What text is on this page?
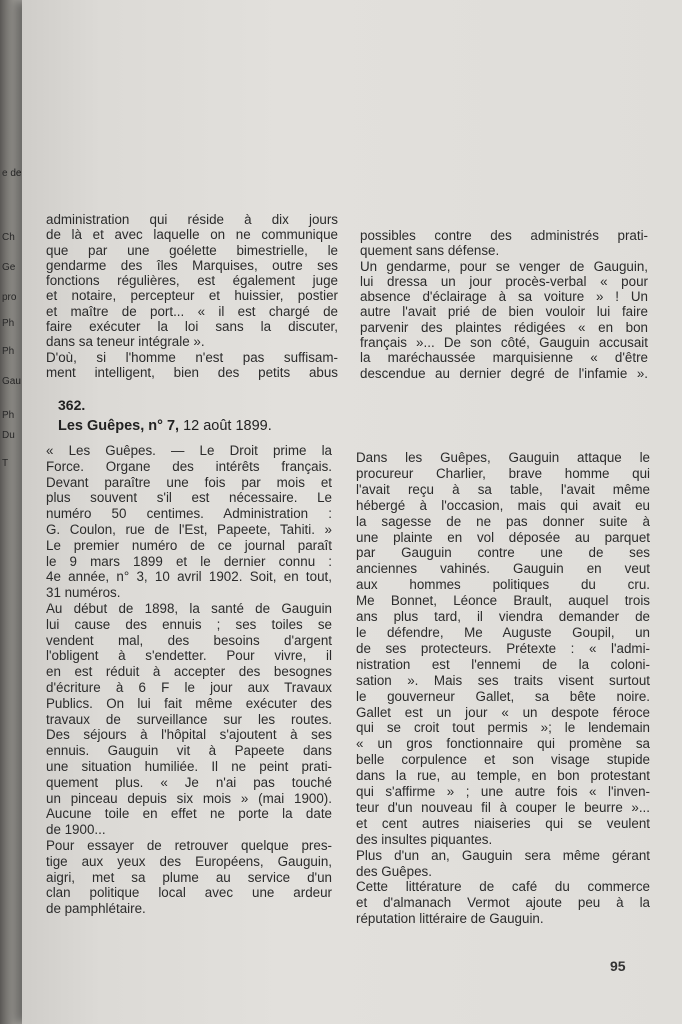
e de
Ch
Ge
pro
Ph
Ph
Gau
Ph
Du
T
administration qui réside à dix jours
de là et avec laquelle on ne communique
que par une goélette bimestrielle, le
gendarme des îles Marquises, outre ses
fonctions régulières, est également juge
et notaire, percepteur et huissier, postier
et maître de port... « il est chargé de
faire exécuter la loi sans la discuter,
dans sa teneur intégrale ».
D'où, si l'homme n'est pas suffisam-
ment intelligent, bien des petits abus
possibles contre des administrés prati-
quement sans défense.
Un gendarme, pour se venger de Gauguin,
lui dressa un jour procès-verbal « pour
absence d'éclairage à sa voiture » ! Un
autre l'avait prié de bien vouloir lui faire
parvenir des plaintes rédigées « en bon
français »... De son côté, Gauguin accusait
la maréchaussée marquisienne « d'être
descendue au dernier degré de l'infamie ».
362.
Les Guêpes, n° 7, 12 août 1899.
« Les Guêpes. — Le Droit prime la
Force. Organe des intérêts français.
Devant paraître une fois par mois et
plus souvent s'il est nécessaire. Le
numéro 50 centimes. Administration :
G. Coulon, rue de l'Est, Papeete, Tahiti. »
Le premier numéro de ce journal paraît
le 9 mars 1899 et le dernier connu :
4e année, n° 3, 10 avril 1902. Soit, en tout,
31 numéros.
Au début de 1898, la santé de Gauguin
lui cause des ennuis ; ses toiles se
vendent mal, des besoins d'argent
l'obligent à s'endetter. Pour vivre, il
en est réduit à accepter des besognes
d'écriture à 6 F le jour aux Travaux
Publics. On lui fait même exécuter des
travaux de surveillance sur les routes.
Des séjours à l'hôpital s'ajoutent à ses
ennuis. Gauguin vit à Papeete dans
une situation humiliée. Il ne peint prati-
quement plus. « Je n'ai pas touché
un pinceau depuis six mois » (mai 1900).
Aucune toile en effet ne porte la date
de 1900...
Pour essayer de retrouver quelque pres-
tige aux yeux des Européens, Gauguin,
aigri, met sa plume au service d'un
clan politique local avec une ardeur
de pamphlétaire.
Dans les Guêpes, Gauguin attaque le
procureur Charlier, brave homme qui
l'avait reçu à sa table, l'avait même
hébergé à l'occasion, mais qui avait eu
la sagesse de ne pas donner suite à
une plainte en vol déposée au parquet
par Gauguin contre une de ses
anciennes vahinés. Gauguin en veut
aux hommes politiques du cru.
Me Bonnet, Léonce Brault, auquel trois
ans plus tard, il viendra demander de
le défendre, Me Auguste Goupil, un
de ses protecteurs. Prétexte : « l'admi-
nistration est l'ennemi de la coloni-
sation ». Mais ses traits visent surtout
le gouverneur Gallet, sa bête noire.
Gallet est un jour « un despote féroce
qui se croit tout permis »; le lendemain
« un gros fonctionnaire qui promène sa
belle corpulence et son visage stupide
dans la rue, au temple, en bon protestant
qui s'affirme » ; une autre fois « l'inven-
teur d'un nouveau fil à couper le beurre »...
et cent autres niaiseries qui se veulent
des insultes piquantes.
Plus d'un an, Gauguin sera même gérant
des Guêpes.
Cette littérature de café du commerce
et d'almanach Vermot ajoute peu à la
réputation littéraire de Gauguin.
95
